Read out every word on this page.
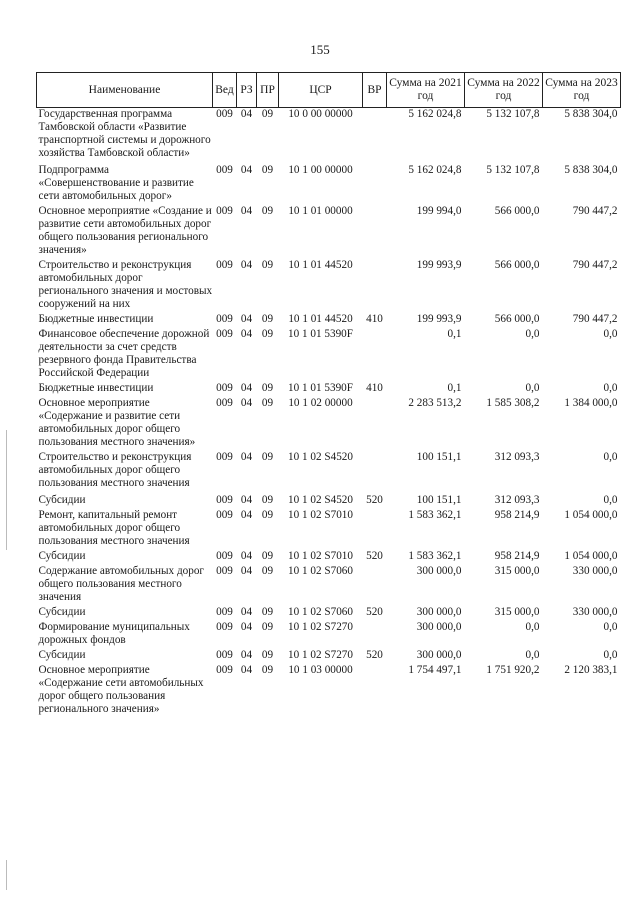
155
Наименование	Вед	РЗ	ПР	ЦСР	ВР	Сумма на 2021 год	Сумма на 2022 год	Сумма на 2023 год
Государственная программа Тамбовской области «Развитие транспортной системы и дорожного хозяйства Тамбовской области»	009	04	09	10 0 00 00000		5 162 024,8	5 132 107,8	5 838 304,0
Подпрограмма «Совершенствование и развитие сети автомобильных дорог»	009	04	09	10 1 00 00000		5 162 024,8	5 132 107,8	5 838 304,0
Основное мероприятие «Создание и развитие сети автомобильных дорог общего пользования регионального значения»	009	04	09	10 1 01 00000		199 994,0	566 000,0	790 447,2
Строительство и реконструкция автомобильных дорог регионального значения и мостовых сооружений на них	009	04	09	10 1 01 44520		199 993,9	566 000,0	790 447,2
Бюджетные инвестиции	009	04	09	10 1 01 44520	410	199 993,9	566 000,0	790 447,2
Финансовое обеспечение дорожной деятельности за счет средств резервного фонда Правительства Российской Федерации	009	04	09	10 1 01 5390F		0,1	0,0	0,0
Бюджетные инвестиции	009	04	09	10 1 01 5390F	410	0,1	0,0	0,0
Основное мероприятие «Содержание и развитие сети автомобильных дорог общего пользования местного значения»	009	04	09	10 1 02 00000		2 283 513,2	1 585 308,2	1 384 000,0
Строительство и реконструкция автомобильных дорог общего пользования местного значения	009	04	09	10 1 02 S4520		100 151,1	312 093,3	0,0
Субсидии	009	04	09	10 1 02 S4520	520	100 151,1	312 093,3	0,0
Ремонт, капитальный ремонт автомобильных дорог общего пользования местного значения	009	04	09	10 1 02 S7010		1 583 362,1	958 214,9	1 054 000,0
Субсидии	009	04	09	10 1 02 S7010	520	1 583 362,1	958 214,9	1 054 000,0
Содержание автомобильных дорог общего пользования местного значения	009	04	09	10 1 02 S7060		300 000,0	315 000,0	330 000,0
Субсидии	009	04	09	10 1 02 S7060	520	300 000,0	315 000,0	330 000,0
Формирование муниципальных дорожных фондов	009	04	09	10 1 02 S7270		300 000,0	0,0	0,0
Субсидии	009	04	09	10 1 02 S7270	520	300 000,0	0,0	0,0
Основное мероприятие «Содержание сети автомобильных дорог общего пользования регионального значения»	009	04	09	10 1 03 00000		1 754 497,1	1 751 920,2	2 120 383,1
